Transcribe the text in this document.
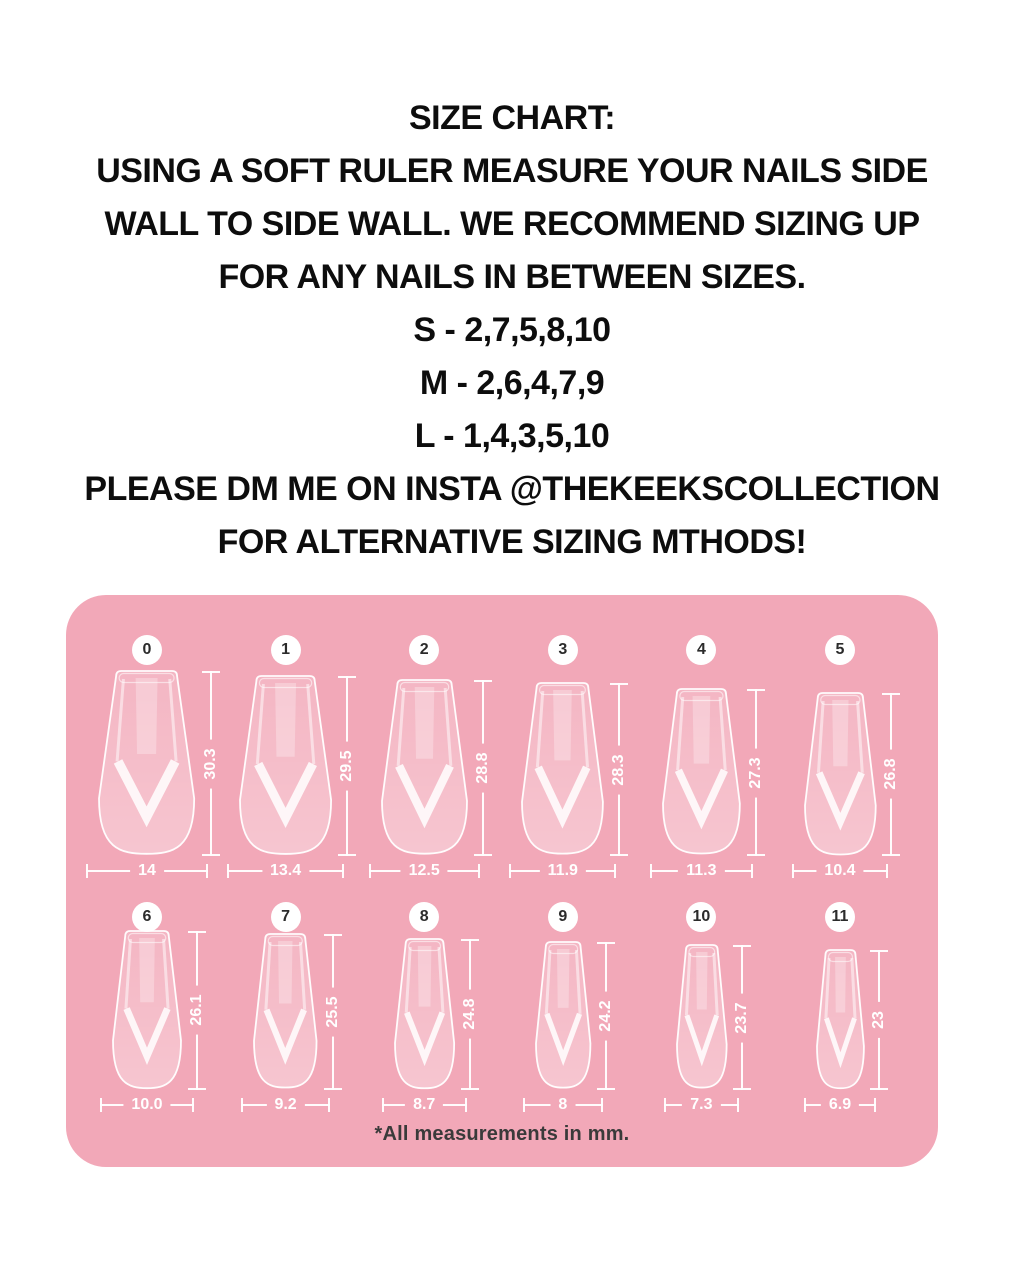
SIZE CHART:
USING A SOFT RULER MEASURE YOUR NAILS SIDE
WALL TO SIDE WALL. WE RECOMMEND SIZING UP
FOR ANY NAILS IN BETWEEN SIZES.
S - 2,7,5,8,10
M - 2,6,4,7,9
L - 1,4,3,5,10
PLEASE DM ME ON INSTA @THEKEEKSCOLLECTION
FOR ALTERNATIVE SIZING MTHODS!
0
30.3
14
1
29.5
13.4
2
28.8
12.5
3
28.3
11.9
4
27.3
11.3
5
26.8
10.4
6
26.1
10.0
7
25.5
9.2
8
24.8
8.7
9
24.2
8
10
23.7
7.3
11
23
6.9
*All measurements in mm.
